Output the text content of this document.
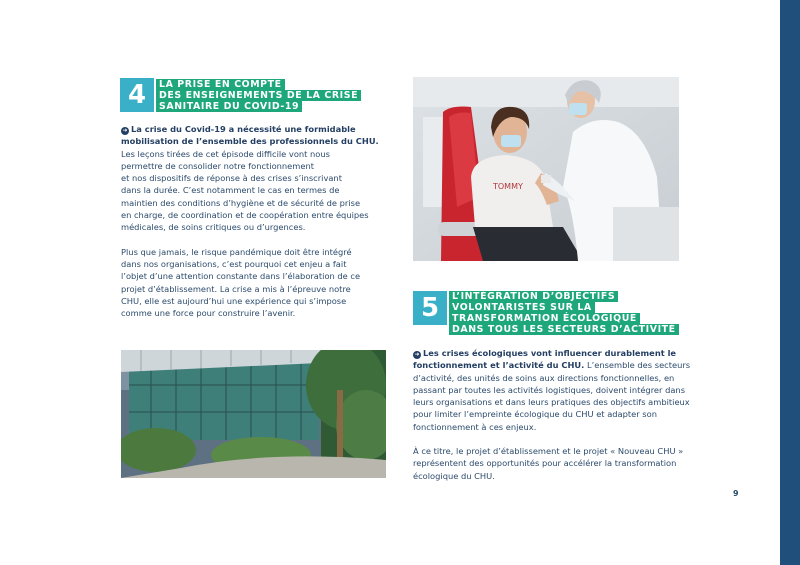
4	LA PRISE EN COMPTE
DES ENSEIGNEMENTS DE LA CRISE
SANITAIRE DU COVID-19

➜ La crise du Covid-19 a nécessité une formidable mobilisation de l’ensemble des professionnels du CHU.
Les leçons tirées de cet épisode difficile vont nous
permettre de consolider notre fonctionnement
et nos dispositifs de réponse à des crises s’inscrivant
dans la durée. C’est notamment le cas en termes de
maintien des conditions d’hygiène et de sécurité de prise
en charge, de coordination et de coopération entre équipes
médicales, de soins critiques ou d’urgences.

Plus que jamais, le risque pandémique doit être intégré
dans nos organisations, c’est pourquoi cet enjeu a fait
l’objet d’une attention constante dans l’élaboration de ce
projet d’établissement. La crise a mis à l’épreuve notre
CHU, elle est aujourd’hui une expérience qui s’impose
comme une force pour construire l’avenir.

TOMMY
5	L’INTÉGRATION D’OBJECTIFS
VOLONTARISTES SUR LA
TRANSFORMATION ÉCOLOGIQUE
DANS TOUS LES SECTEURS D’ACTIVITÉ

➜ Les crises écologiques vont influencer durablement le fonctionnement et l’activité du CHU. L’ensemble des secteurs d’activité, des unités de soins aux directions fonctionnelles, en passant par toutes les activités logistiques, doivent intégrer dans leurs organisations et dans leurs pratiques des objectifs ambitieux pour limiter l’empreinte écologique du CHU et adapter son fonctionnement à ces enjeux.

À ce titre, le projet d’établissement et le projet « Nouveau CHU » représentent des opportunités pour accélérer la transformation écologique du CHU.

9
